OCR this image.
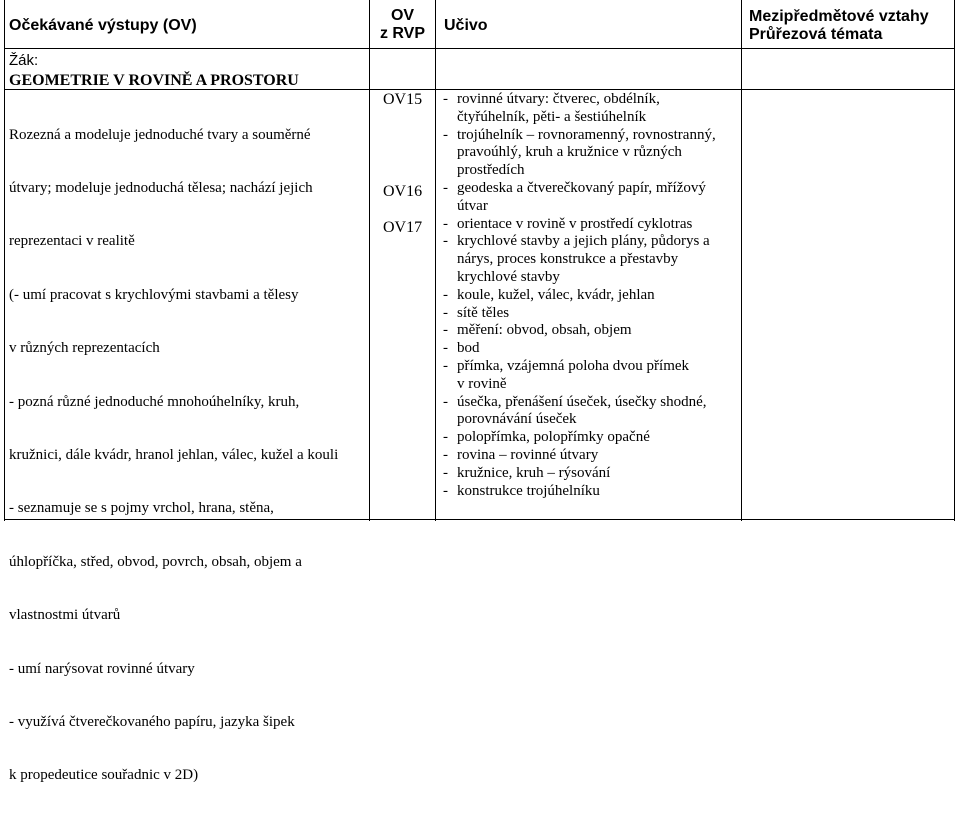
Očekávané výstupy (OV)
OV
z RVP	Učivo
Mezipředmětové vztahy
Průřezová témata
Žák:
GEOMETRIE V ROVINĚ A PROSTORU

Rozezná a modeluje jednoduché tvary a souměrné

útvary; modeluje jednoduchá tělesa; nachází jejich

reprezentaci v realitě

(- umí pracovat s krychlovými stavbami a tělesy

v různých reprezentacích

- pozná různé jednoduché mnohoúhelníky, kruh,

kružnici, dále kvádr, hranol jehlan, válec, kužel a kouli

- seznamuje se s pojmy vrchol, hrana, stěna,

úhlopříčka, střed, obvod, povrch, obsah, objem a

vlastnostmi útvarů

- umí narýsovat rovinné útvary

- využívá čtverečkovaného papíru, jazyka šipek

k propedeutice souřadnic v 2D)

OV15
OV16
OV17
- rovinné útvary: čtverec, obdélník,
čtyřúhelník, pěti- a šestiúhelník
- trojúhelník – rovnoramenný, rovnostranný,
pravoúhlý, kruh a kružnice v různých
prostředích
- geodeska a čtverečkovaný papír, mřížový
útvar
- orientace v rovině v prostředí cyklotras
- krychlové stavby a jejich plány, půdorys a
nárys, proces konstrukce a přestavby
krychlové stavby
- koule, kužel, válec, kvádr, jehlan
- sítě těles
- měření: obvod, obsah, objem
- bod
- přímka, vzájemná poloha dvou přímek
v rovině
- úsečka, přenášení úseček, úsečky shodné,
porovnávání úseček
- polopřímka, polopřímky opačné
- rovina – rovinné útvary
- kružnice, kruh – rýsování
- konstrukce trojúhelníku
